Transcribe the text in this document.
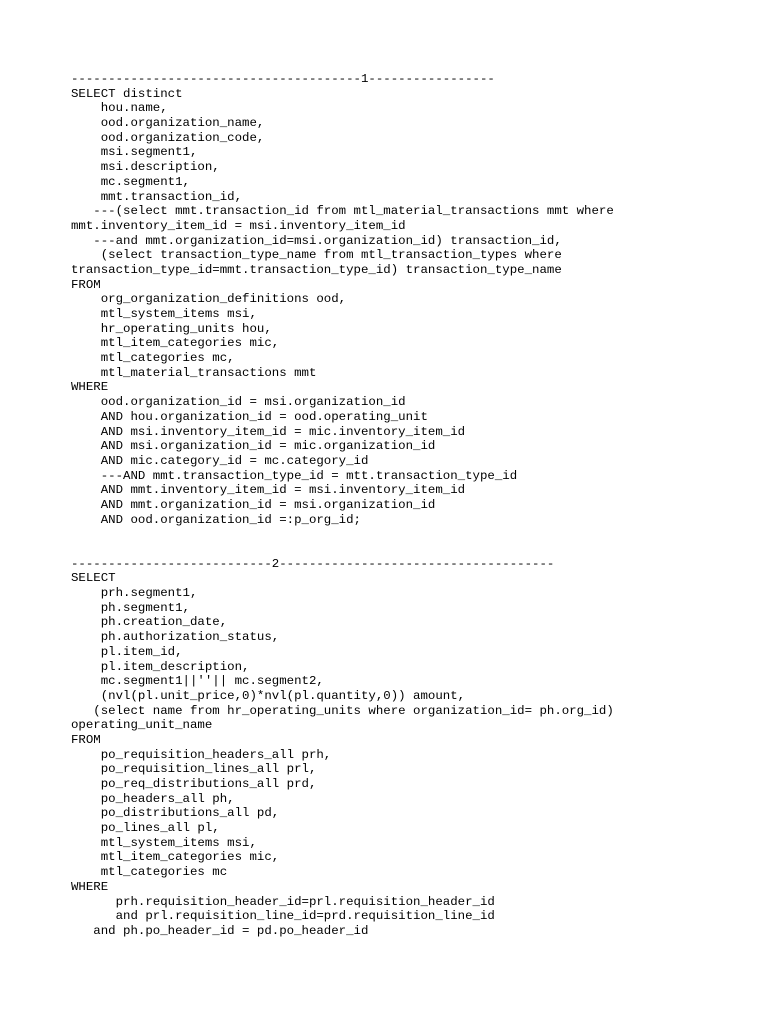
---------------------------------------1-----------------
SELECT distinct
hou.name,
ood.organization_name,
ood.organization_code,
msi.segment1,
msi.description,
mc.segment1,
mmt.transaction_id,
---(select mmt.transaction_id from mtl_material_transactions mmt where
mmt.inventory_item_id = msi.inventory_item_id
---and mmt.organization_id=msi.organization_id) transaction_id,
(select transaction_type_name from mtl_transaction_types where
transaction_type_id=mmt.transaction_type_id) transaction_type_name
FROM
org_organization_definitions ood,
mtl_system_items msi,
hr_operating_units hou,
mtl_item_categories mic,
mtl_categories mc,
mtl_material_transactions mmt
WHERE
ood.organization_id = msi.organization_id
AND hou.organization_id = ood.operating_unit
AND msi.inventory_item_id = mic.inventory_item_id
AND msi.organization_id = mic.organization_id
AND mic.category_id = mc.category_id
---AND mmt.transaction_type_id = mtt.transaction_type_id
AND mmt.inventory_item_id = msi.inventory_item_id
AND mmt.organization_id = msi.organization_id
AND ood.organization_id =:p_org_id;
---------------------------2-------------------------------------
SELECT
prh.segment1,
ph.segment1,
ph.creation_date,
ph.authorization_status,
pl.item_id,
pl.item_description,
mc.segment1||''|| mc.segment2,
(nvl(pl.unit_price,0)*nvl(pl.quantity,0)) amount,
(select name from hr_operating_units where organization_id= ph.org_id)
operating_unit_name
FROM
po_requisition_headers_all prh,
po_requisition_lines_all prl,
po_req_distributions_all prd,
po_headers_all ph,
po_distributions_all pd,
po_lines_all pl,
mtl_system_items msi,
mtl_item_categories mic,
mtl_categories mc
WHERE
prh.requisition_header_id=prl.requisition_header_id
and prl.requisition_line_id=prd.requisition_line_id
and ph.po_header_id = pd.po_header_id
